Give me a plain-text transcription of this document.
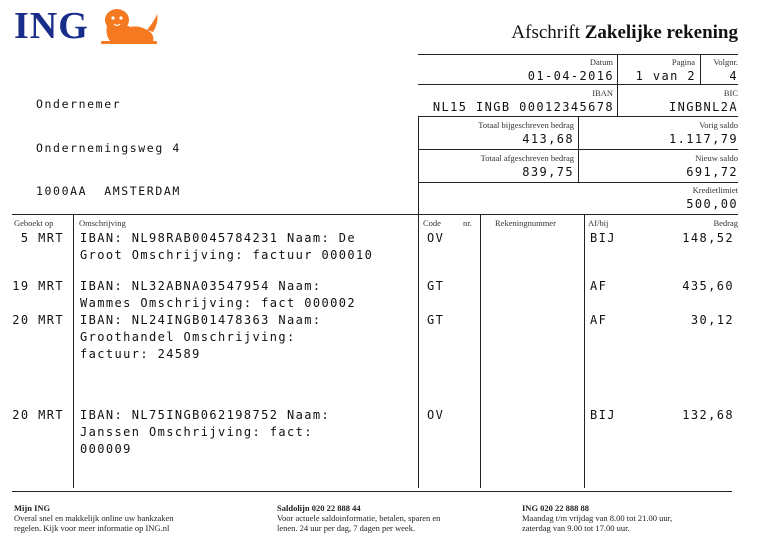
ING	Afschrift Zakelijke rekening

Ondernemer

Ondernemingsweg 4

1000AA  AMSTERDAM

Datum
01-04-2016
Pagina
1 van 2
Volgnr.
4
IBAN
NL15 INGB 00012345678
BIC
INGBNL2A
Totaal bijgeschreven bedrag
413,68
Vorig saldo
1.117,79
Totaal afgeschreven bedrag
839,75
Nieuw saldo
691,72
Kredietlimiet
500,00
Geboekt op	Omschrijving	Code	nr.	Rekeningnummer	Af/bij	Bedrag
5 MRT IBAN: NL98RAB0045784231 Naam: De
Groot Omschrijving: factuur 000010
OV	BIJ	148,52
19 MRT IBAN: NL32ABNA03547954 Naam:
Wammes Omschrijving: fact 000002
GT	AF	435,60
20 MRT IBAN: NL24INGB01478363 Naam:
Groothandel Omschrijving:
factuur: 24589
GT	AF	30,12
20 MRT IBAN: NL75INGB062198752 Naam:
Janssen Omschrijving: fact:
000009
OV	BIJ	132,68
Mijn ING
Overal snel en makkelijk online uw bankzaken
regelen. Kijk voor meer informatie op ING.nl
Saldolijn 020 22 888 44
Voor actuele saldoinformatie, betalen, sparen en
lenen. 24 uur per dag, 7 dagen per week.
ING 020 22 888 88
Maandag t/m vrijdag van 8.00 tot 21.00 uur,
zaterdag van 9.00 tot 17.00 uur.
